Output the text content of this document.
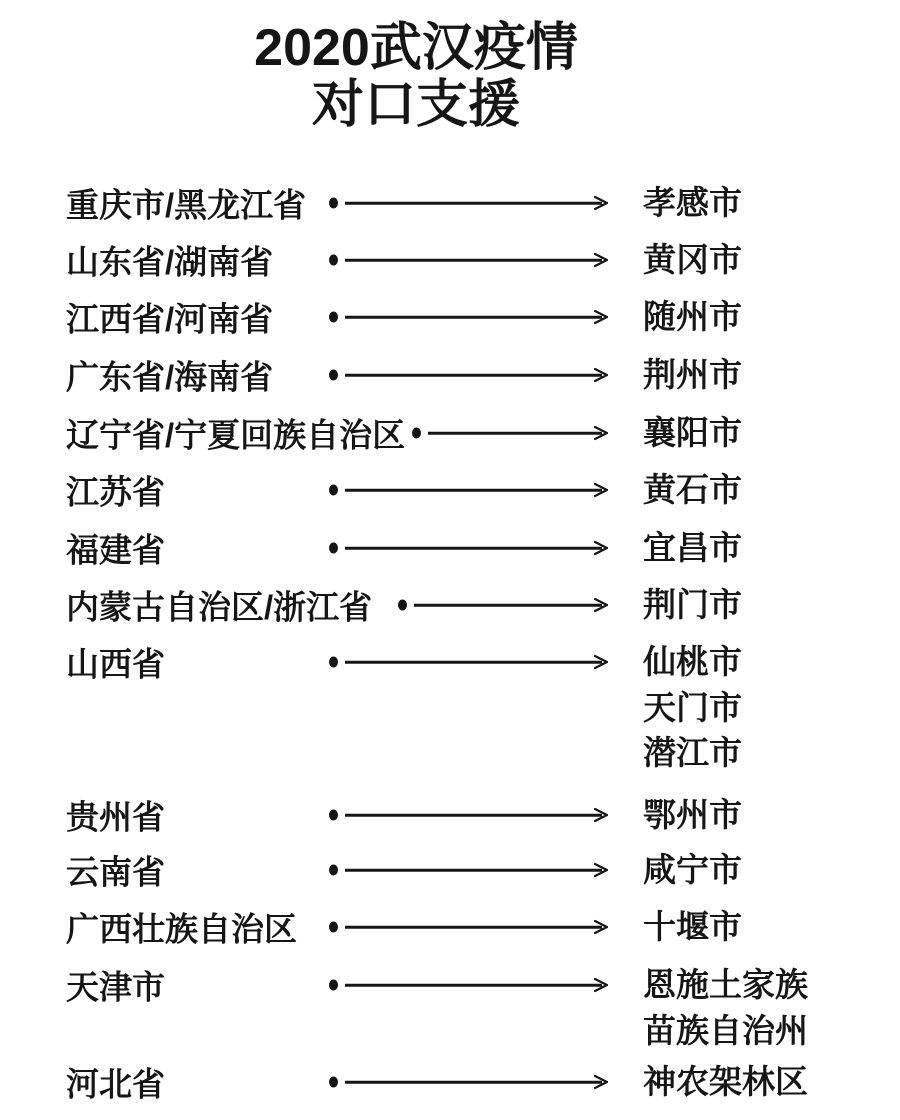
2020武汉疫情
对口支援
重庆市/黑龙江省	孝感市
山东省/湖南省	黄冈市
江西省/河南省	随州市
广东省/海南省	荆州市
辽宁省/宁夏回族自治区	襄阳市
江苏省	黄石市
福建省	宜昌市
内蒙古自治区/浙江省	荆门市
山西省	仙桃市
天门市
潜江市
贵州省	鄂州市
云南省	咸宁市
广西壮族自治区	十堰市
天津市	恩施土家族
苗族自治州
河北省	神农架林区
